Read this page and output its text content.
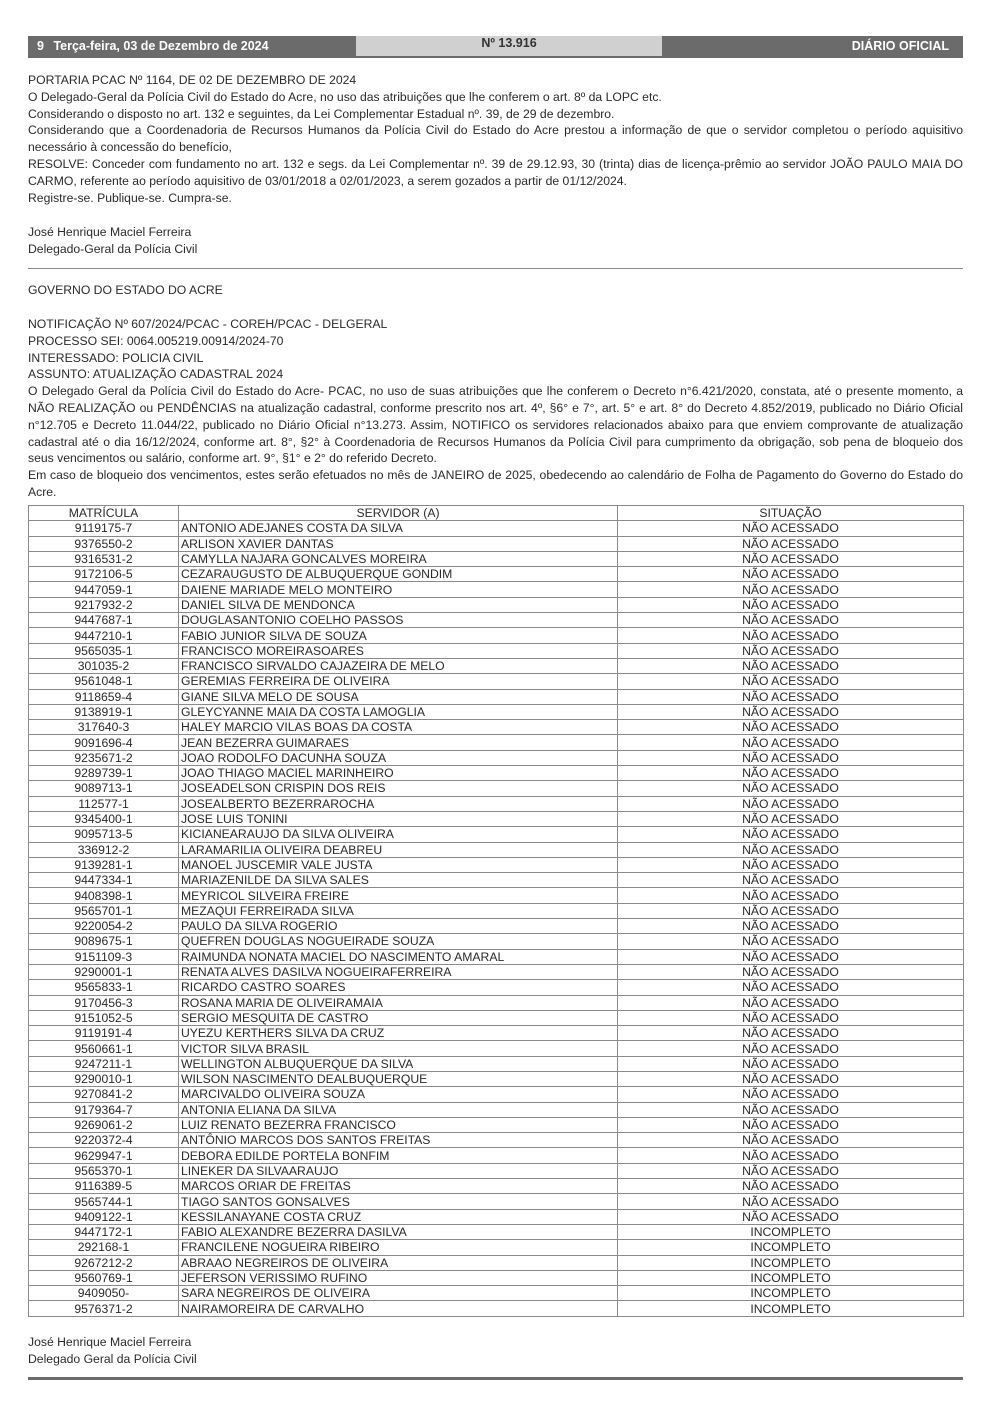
9 Terça-feira, 03 de Dezembro de 2024	Nº 13.916	DIÁRIO OFICIAL

PORTARIA PCAC Nº 1164, DE 02 DE DEZEMBRO DE 2024

O Delegado-Geral da Polícia Civil do Estado do Acre, no uso das atribuições que lhe conferem o art. 8º da LOPC etc.

Considerando o disposto no art. 132 e seguintes, da Lei Complementar Estadual nº. 39, de 29 de dezembro.

Considerando que a Coordenadoria de Recursos Humanos da Polícia Civil do Estado do Acre prestou a informação de que o servidor completou o período aquisitivo necessário à concessão do benefício,

RESOLVE: Conceder com fundamento no art. 132 e segs. da Lei Complementar nº. 39 de 29.12.93, 30 (trinta) dias de licença-prêmio ao servidor JOÃO PAULO MAIA DO CARMO, referente ao período aquisitivo de 03/01/2018 a 02/01/2023, a serem gozados a partir de 01/12/2024.

Registre-se. Publique-se. Cumpra-se.

José Henrique Maciel Ferreira

Delegado-Geral da Polícia Civil

GOVERNO DO ESTADO DO ACRE

NOTIFICAÇÃO Nº 607/2024/PCAC - COREH/PCAC - DELGERAL

PROCESSO SEI: 0064.005219.00914/2024-70

INTERESSADO: POLICIA CIVIL

ASSUNTO: ATUALIZAÇÃO CADASTRAL 2024

O Delegado Geral da Polícia Civil do Estado do Acre- PCAC, no uso de suas atribuições que lhe conferem o Decreto n°6.421/2020, constata, até o presente momento, a NÃO REALIZAÇÃO ou PENDÊNCIAS na atualização cadastral, conforme prescrito nos art. 4º, §6° e 7°, art. 5° e art. 8° do Decreto 4.852/2019, publicado no Diário Oficial n°12.705 e Decreto 11.044/22, publicado no Diário Oficial n°13.273. Assim, NOTIFICO os servidores relacionados abaixo para que enviem comprovante de atualização cadastral até o dia 16/12/2024, conforme art. 8°, §2° à Coordenadoria de Recursos Humanos da Polícia Civil para cumprimento da obrigação, sob pena de bloqueio dos seus vencimentos ou salário, conforme art. 9°, §1° e 2° do referido Decreto.

Em caso de bloqueio dos vencimentos, estes serão efetuados no mês de JANEIRO de 2025, obedecendo ao calendário de Folha de Pagamento do Governo do Estado do Acre.

MATRÍCULA	SERVIDOR (A)	SITUAÇÃO
9119175-7	ANTONIO ADEJANES COSTA DA SILVA	NÃO ACESSADO
9376550-2	ARLISON XAVIER DANTAS	NÃO ACESSADO
9316531-2	CAMYLLA NAJARA GONCALVES MOREIRA	NÃO ACESSADO
9172106-5	CEZARAUGUSTO DE ALBUQUERQUE GONDIM	NÃO ACESSADO
9447059-1	DAIENE MARIADE MELO MONTEIRO	NÃO ACESSADO
9217932-2	DANIEL SILVA DE MENDONCA	NÃO ACESSADO
9447687-1	DOUGLASANTONIO COELHO PASSOS	NÃO ACESSADO
9447210-1	FABIO JUNIOR SILVA DE SOUZA	NÃO ACESSADO
9565035-1	FRANCISCO MOREIRASOARES	NÃO ACESSADO
301035-2	FRANCISCO SIRVALDO CAJAZEIRA DE MELO	NÃO ACESSADO
9561048-1	GEREMIAS FERREIRA DE OLIVEIRA	NÃO ACESSADO
9118659-4	GIANE SILVA MELO DE SOUSA	NÃO ACESSADO
9138919-1	GLEYCYANNE MAIA DA COSTA LAMOGLIA	NÃO ACESSADO
317640-3	HALEY MARCIO VILAS BOAS DA COSTA	NÃO ACESSADO
9091696-4	JEAN BEZERRA GUIMARAES	NÃO ACESSADO
9235671-2	JOAO RODOLFO DACUNHA SOUZA	NÃO ACESSADO
9289739-1	JOAO THIAGO MACIEL MARINHEIRO	NÃO ACESSADO
9089713-1	JOSEADELSON CRISPIN DOS REIS	NÃO ACESSADO
112577-1	JOSEALBERTO BEZERRAROCHA	NÃO ACESSADO
9345400-1	JOSE LUIS TONINI	NÃO ACESSADO
9095713-5	KICIANEARAUJO DA SILVA OLIVEIRA	NÃO ACESSADO
336912-2	LARAMARILIA OLIVEIRA DEABREU	NÃO ACESSADO
9139281-1	MANOEL JUSCEMIR VALE JUSTA	NÃO ACESSADO
9447334-1	MARIAZENILDE DA SILVA SALES	NÃO ACESSADO
9408398-1	MEYRICOL SILVEIRA FREIRE	NÃO ACESSADO
9565701-1	MEZAQUI FERREIRADA SILVA	NÃO ACESSADO
9220054-2	PAULO DA SILVA ROGERIO	NÃO ACESSADO
9089675-1	QUEFREN DOUGLAS NOGUEIRADE SOUZA	NÃO ACESSADO
9151109-3	RAIMUNDA NONATA MACIEL DO NASCIMENTO AMARAL	NÃO ACESSADO
9290001-1	RENATA ALVES DASILVA NOGUEIRAFERREIRA	NÃO ACESSADO
9565833-1	RICARDO CASTRO SOARES	NÃO ACESSADO
9170456-3	ROSANA MARIA DE OLIVEIRAMAIA	NÃO ACESSADO
9151052-5	SERGIO MESQUITA DE CASTRO	NÃO ACESSADO
9119191-4	UYEZU KERTHERS SILVA DA CRUZ	NÃO ACESSADO
9560661-1	VICTOR SILVA BRASIL	NÃO ACESSADO
9247211-1	WELLINGTON ALBUQUERQUE DA SILVA	NÃO ACESSADO
9290010-1	WILSON NASCIMENTO DEALBUQUERQUE	NÃO ACESSADO
9270841-2	MARCIVALDO OLIVEIRA SOUZA	NÃO ACESSADO
9179364-7	ANTONIA ELIANA DA SILVA	NÃO ACESSADO
9269061-2	LUIZ RENATO BEZERRA FRANCISCO	NÃO ACESSADO
9220372-4	ANTÔNIO MARCOS DOS SANTOS FREITAS	NÃO ACESSADO
9629947-1	DEBORA EDILDE PORTELA BONFIM	NÃO ACESSADO
9565370-1	LINEKER DA SILVAARAUJO	NÃO ACESSADO
9116389-5	MARCOS ORIAR DE FREITAS	NÃO ACESSADO
9565744-1	TIAGO SANTOS GONSALVES	NÃO ACESSADO
9409122-1	KESSILANAYANE COSTA CRUZ	NÃO ACESSADO
9447172-1	FABIO ALEXANDRE BEZERRA DASILVA	INCOMPLETO
292168-1	FRANCILENE NOGUEIRA RIBEIRO	INCOMPLETO
9267212-2	ABRAAO NEGREIROS DE OLIVEIRA	INCOMPLETO
9560769-1	JEFERSON VERISSIMO RUFINO	INCOMPLETO
9409050-	SARA NEGREIROS DE OLIVEIRA	INCOMPLETO
9576371-2	NAIRAMOREIRA DE CARVALHO	INCOMPLETO

José Henrique Maciel Ferreira

Delegado Geral da Polícia Civil
